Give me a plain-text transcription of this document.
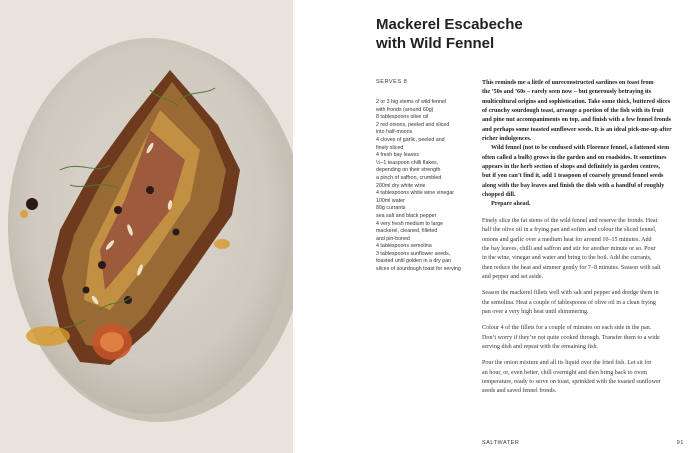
Mackerel Escabeche
with Wild Fennel
SERVES 8
2 or 3 big stems of wild fennel
with fronds (around 60g)
8 tablespoons olive oil
2 red onions, peeled and sliced
into half-moons
4 cloves of garlic, peeled and
finely sliced
4 fresh bay leaves
½–1 teaspoon chilli flakes,
depending on their strength
a pinch of saffron, crumbled
200ml dry white wine
4 tablespoons white wine vinegar
100ml water
80g currants
sea salt and black pepper
4 very fresh medium to large
mackerel, cleaned, filleted
and pin-boned
4 tablespoons semolina
3 tablespoons sunflower seeds,
toasted until golden in a dry pan
slices of sourdough toast for serving

This reminds me a little of unreconstructed sardines on toast from
the ’50s and ’60s – rarely seen now – but generously betraying its
multicultural origins and sophistication. Take some thick, buttered slices
of crunchy sourdough toast, arrange a portion of the fish with its fruit
and pine nut accompaniments on top, and finish with a few fennel fronds
and perhaps some toasted sunflower seeds. It is an ideal pick-me-up after
richer indulgences.
Wild fennel (not to be confused with Florence fennel, a fattened stem
often called a bulb) grows in the garden and on roadsides. It sometimes
appears in the herb section of shops and definitely in garden centres,
but if you can’t find it, add 1 teaspoon of coarsely ground fennel seeds
along with the bay leaves and finish the dish with a handful of roughly
chopped dill.
Prepare ahead.

Finely slice the fat stems of the wild fennel and reserve the fronds. Heat
half the olive oil in a frying pan and soften and colour the sliced fennel,
onions and garlic over a medium heat for around 10–15 minutes. Add
the bay leaves, chilli and saffron and stir for another minute or so. Pour
in the wine, vinegar and water and bring to the boil. Add the currants,
then reduce the heat and simmer gently for 7–8 minutes. Season with salt
and pepper and set aside.

Season the mackerel fillets well with salt and pepper and dredge them in
the semolina. Heat a couple of tablespoons of olive oil in a clean frying
pan over a very high heat until shimmering.

Colour 4 of the fillets for a couple of minutes on each side in the pan.
Don’t worry if they’re not quite cooked through. Transfer them to a wide
serving dish and repeat with the remaining fish.

Pour the onion mixture and all its liquid over the fried fish. Let sit for
an hour, or, even better, chill overnight and then bring back to room
temperature, ready to serve on toast, sprinkled with the toasted sunflower
seeds and saved fennel fronds.

SALTWATER	91
